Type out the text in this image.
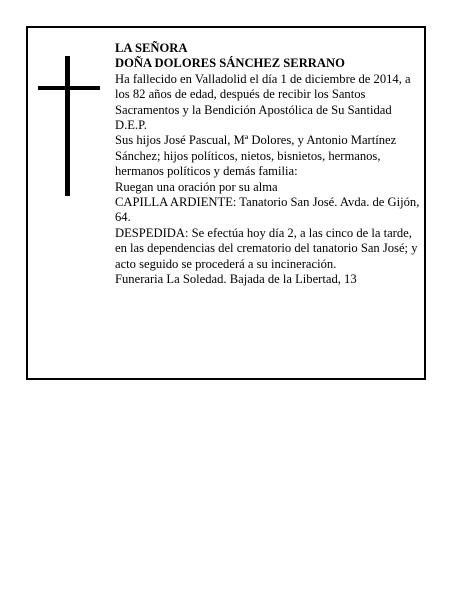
LA SEÑORA

DOÑA DOLORES SÁNCHEZ SERRANO

Ha fallecido en Valladolid el día 1 de diciembre de 2014, a los 82 años de edad, después de recibir los Santos Sacramentos y la Bendición Apostólica de Su Santidad

D.E.P.

Sus hijos José Pascual, Mª Dolores, y Antonio Martínez Sánchez; hijos políticos, nietos, bisnietos, hermanos, hermanos políticos y demás familia:

Ruegan una oración por su alma

CAPILLA ARDIENTE: Tanatorio San José. Avda. de Gijón, 64.

DESPEDIDA: Se efectúa hoy día 2, a las cinco de la tarde, en las dependencias del crematorio del tanatorio San José; y acto seguido se procederá a su incineración.

Funeraria La Soledad. Bajada de la Libertad, 13
